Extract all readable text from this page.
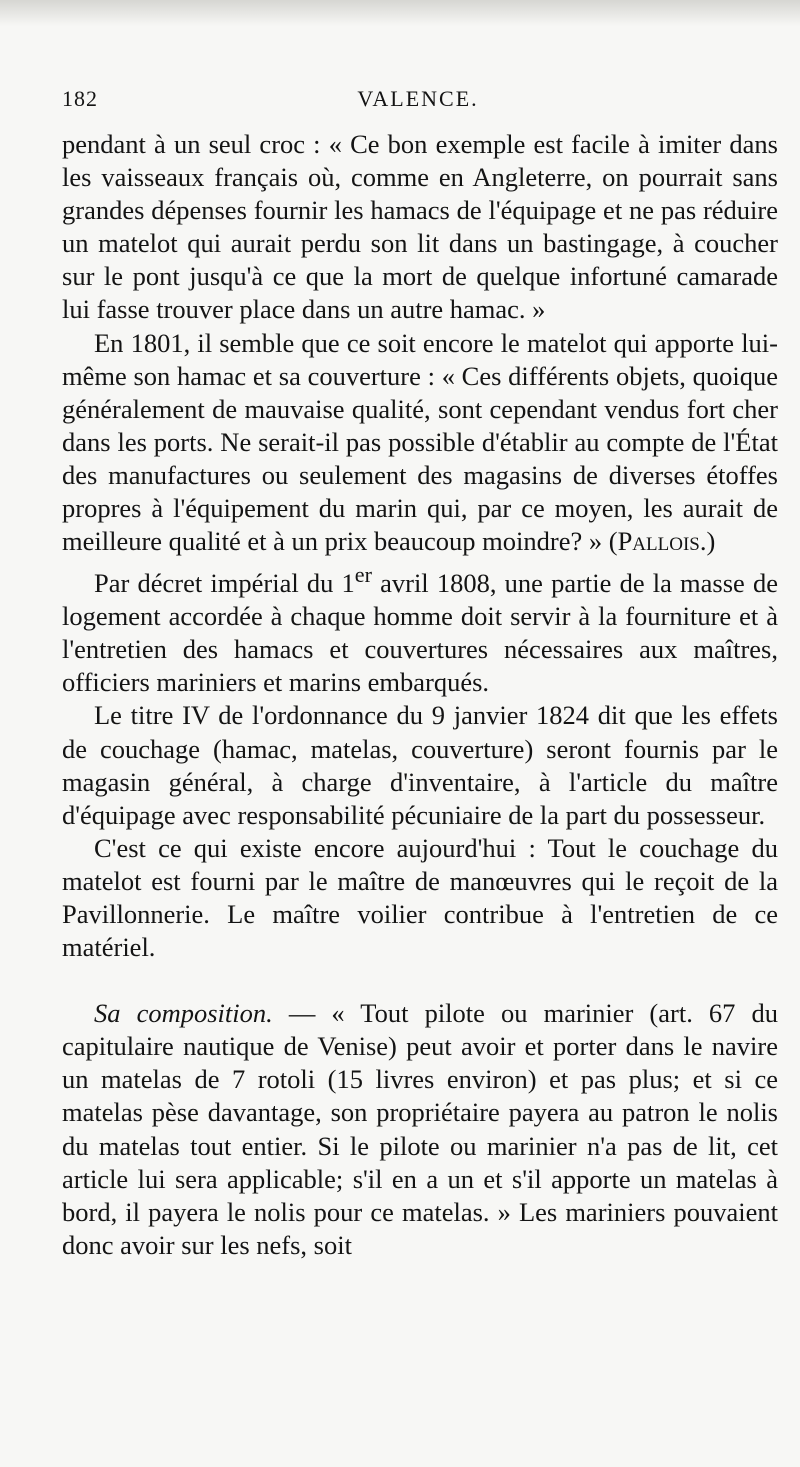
182	VALENCE.

pendant à un seul croc : « Ce bon exemple est facile à imiter dans les vaisseaux français où, comme en Angleterre, on pourrait sans grandes dépenses fournir les hamacs de l'équipage et ne pas réduire un matelot qui aurait perdu son lit dans un bastingage, à coucher sur le pont jusqu'à ce que la mort de quelque infortuné camarade lui fasse trouver place dans un autre hamac. »

En 1801, il semble que ce soit encore le matelot qui apporte lui-même son hamac et sa couverture : « Ces différents objets, quoique généralement de mauvaise qualité, sont cependant vendus fort cher dans les ports. Ne serait-il pas possible d'établir au compte de l'État des manufactures ou seulement des magasins de diverses étoffes propres à l'équipement du marin qui, par ce moyen, les aurait de meilleure qualité et à un prix beaucoup moindre? » (Pallois.)

Par décret impérial du 1er avril 1808, une partie de la masse de logement accordée à chaque homme doit servir à la fourniture et à l'entretien des hamacs et couvertures nécessaires aux maîtres, officiers mariniers et marins embarqués.

Le titre IV de l'ordonnance du 9 janvier 1824 dit que les effets de couchage (hamac, matelas, couverture) seront fournis par le magasin général, à charge d'inventaire, à l'article du maître d'équipage avec responsabilité pécuniaire de la part du possesseur.

C'est ce qui existe encore aujourd'hui : Tout le couchage du matelot est fourni par le maître de manœuvres qui le reçoit de la Pavillonnerie. Le maître voilier contribue à l'entretien de ce matériel.

Sa composition. — « Tout pilote ou marinier (art. 67 du capitulaire nautique de Venise) peut avoir et porter dans le navire un matelas de 7 rotoli (15 livres environ) et pas plus; et si ce matelas pèse davantage, son propriétaire payera au patron le nolis du matelas tout entier. Si le pilote ou marinier n'a pas de lit, cet article lui sera applicable; s'il en a un et s'il apporte un matelas à bord, il payera le nolis pour ce matelas. » Les mariniers pouvaient donc avoir sur les nefs, soit
